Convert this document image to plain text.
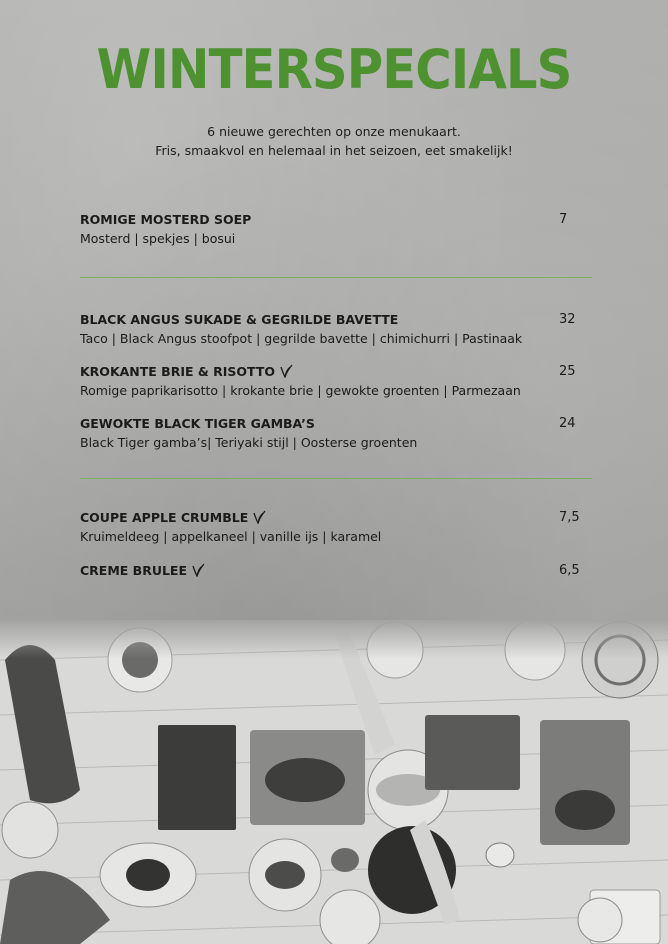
WINTERSPECIALS
6 nieuwe gerechten op onze menukaart.
Fris, smaakvol en helemaal in het seizoen, eet smakelijk!
ROMIGE MOSTERD SOEP
Mosterd | spekjes | bosui
7
BLACK ANGUS SUKADE & GEGRILDE BAVETTE
Taco | Black Angus stoofpot | gegrilde bavette | chimichurri | Pastinaak
32
KROKANTE BRIE & RISOTTO
Romige paprikarisotto | krokante brie | gewokte groenten | Parmezaan
25
GEWOKTE BLACK TIGER GAMBA’S
Black Tiger gamba’s| Teriyaki stijl | Oosterse groenten
24
COUPE APPLE CRUMBLE
Kruimeldeeg | appelkaneel | vanille ijs | karamel
7,5
CREME BRULEE	6,5
